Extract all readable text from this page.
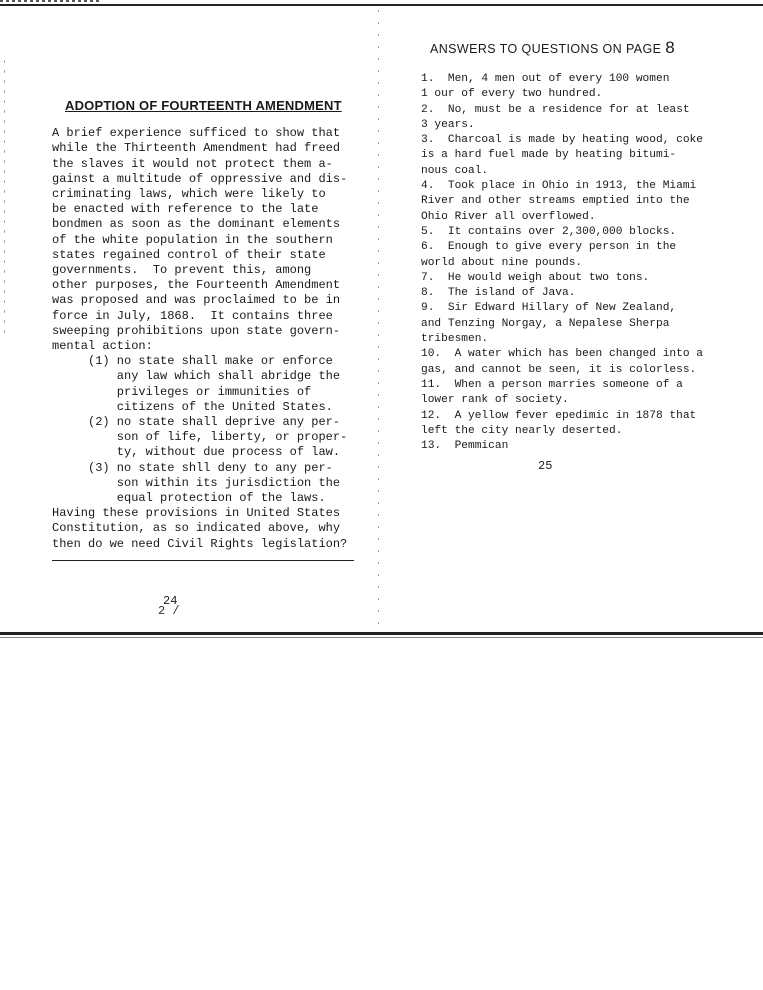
ADOPTION OF FOURTEENTH AMENDMENT
A brief experience sufficed to show that
while the Thirteenth Amendment had freed
the slaves it would not protect them a-
gainst a multitude of oppressive and dis-
criminating laws, which were likely to
be enacted with reference to the late
bondmen as soon as the dominant elements
of the white population in the southern
states regained control of their state
governments.  To prevent this, among
other purposes, the Fourteenth Amendment
was proposed and was proclaimed to be in
force in July, 1868.  It contains three
sweeping prohibitions upon state govern-
mental action:
(1) no state shall make or enforce
any law which shall abridge the
privileges or immunities of
citizens of the United States.
(2) no state shall deprive any per-
son of life, liberty, or proper-
ty, without due process of law.
(3) no state shll deny to any per-
son within its jurisdiction the
equal protection of the laws.
Having these provisions in United States
Constitution, as so indicated above, why
then do we need Civil Rights legislation?
24
2 /
ANSWERS TO QUESTIONS ON PAGE 8
1.  Men, 4 men out of every 100 women
1 our of every two hundred.
2.  No, must be a residence for at least
3 years.
3.  Charcoal is made by heating wood, coke
is a hard fuel made by heating bitumi-
nous coal.
4.  Took place in Ohio in 1913, the Miami
River and other streams emptied into the
Ohio River all overflowed.
5.  It contains over 2,300,000 blocks.
6.  Enough to give every person in the
world about nine pounds.
7.  He would weigh about two tons.
8.  The island of Java.
9.  Sir Edward Hillary of New Zealand,
and Tenzing Norgay, a Nepalese Sherpa
tribesmen.
10.  A water which has been changed into a
gas, and cannot be seen, it is colorless.
11.  When a person marries someone of a
lower rank of society.
12.  A yellow fever epedimic in 1878 that
left the city nearly deserted.
13.  Pemmican
25
